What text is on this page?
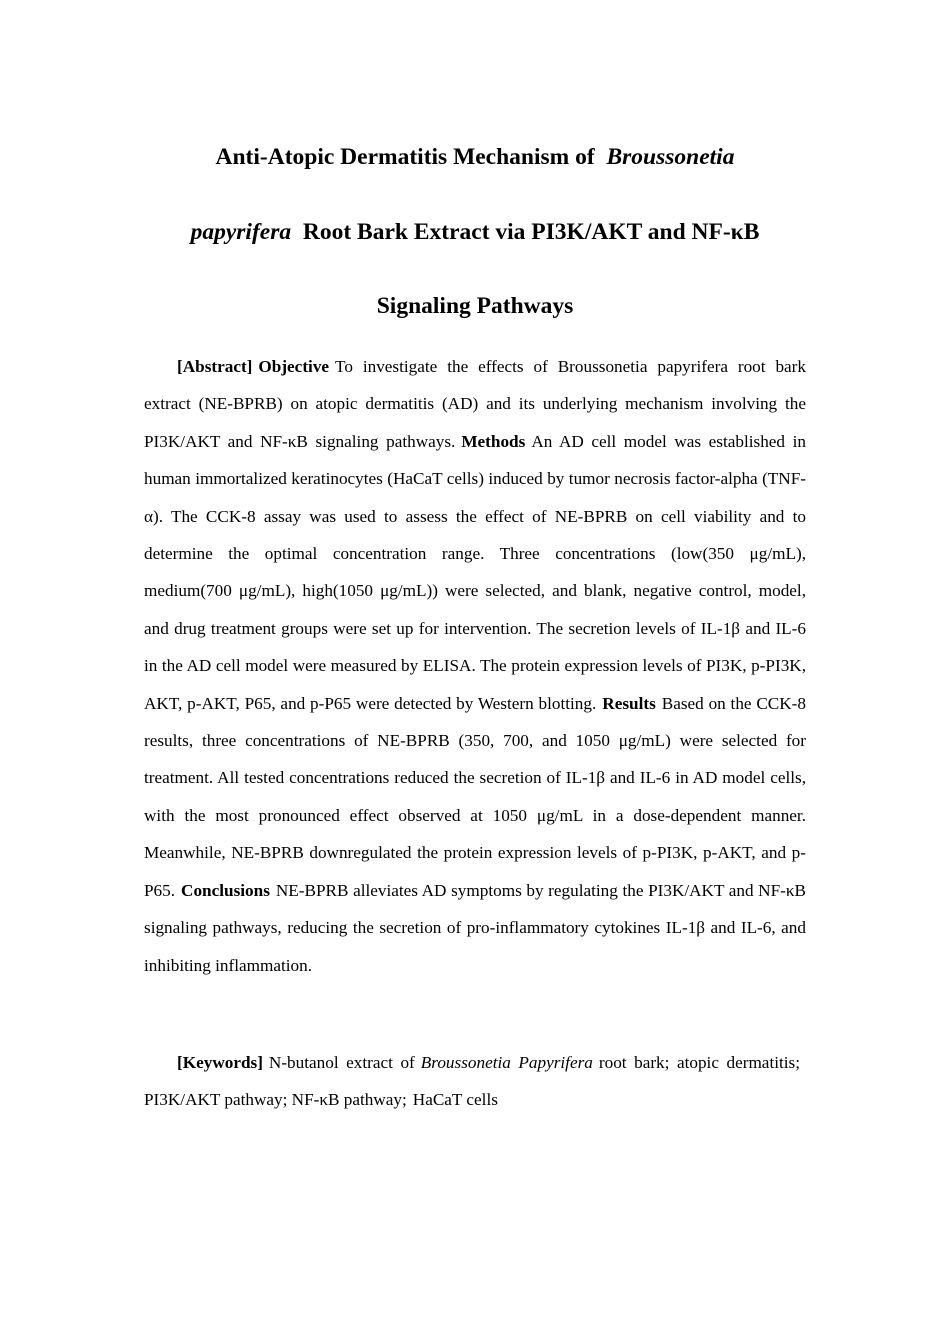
Anti-Atopic Dermatitis Mechanism of Broussonetia
papyrifera Root Bark Extract via PI3K/AKT and NF-κB
Signaling Pathways

[Abstract] Objective To investigate the effects of Broussonetia papyrifera root bark extract (NE-BPRB) on atopic dermatitis (AD) and its underlying mechanism involving the PI3K/AKT and NF-κB signaling pathways. Methods An AD cell model was established in human immortalized keratinocytes (HaCaT cells) induced by tumor necrosis factor-alpha (TNF-α). The CCK-8 assay was used to assess the effect of NE-BPRB on cell viability and to determine the optimal concentration range. Three concentrations (low(350 μg/mL), medium(700 μg/mL), high(1050 μg/mL)) were selected, and blank, negative control, model, and drug treatment groups were set up for intervention. The secretion levels of IL-1β and IL-6 in the AD cell model were measured by ELISA. The protein expression levels of PI3K, p-PI3K, AKT, p-AKT, P65, and p-P65 were detected by Western blotting. Results Based on the CCK-8 results, three concentrations of NE-BPRB (350, 700, and 1050 μg/mL) were selected for treatment. All tested concentrations reduced the secretion of IL-1β and IL-6 in AD model cells, with the most pronounced effect observed at 1050 μg/mL in a dose-dependent manner. Meanwhile, NE-BPRB downregulated the protein expression levels of p-PI3K, p-AKT, and p-P65. Conclusions NE-BPRB alleviates AD symptoms by regulating the PI3K/AKT and NF-κB signaling pathways, reducing the secretion of pro-inflammatory cytokines IL-1β and IL-6, and inhibiting inflammation.

[Keywords] N-butanol extract of Broussonetia Papyrifera root bark; atopic dermatitis;PI3K/AKT pathway; NF-κB pathway; HaCaT cells
